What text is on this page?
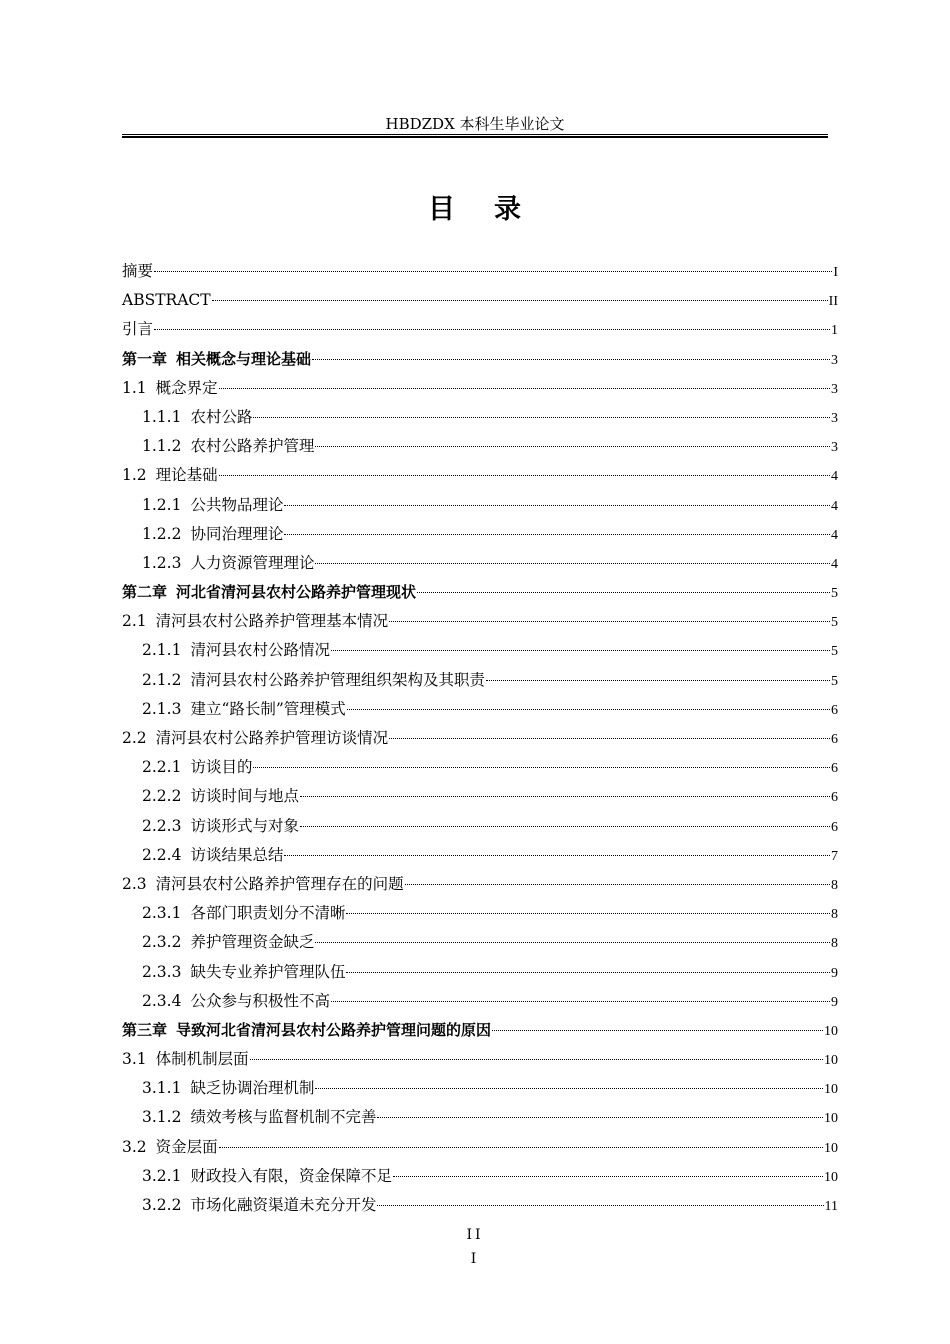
HBDZDX 本科生毕业论文
目 录
摘要	I
ABSTRACT	II
引言	1
第一章 相关概念与理论基础	3
1.1 概念界定	3
1.1.1 农村公路	3
1.1.2 农村公路养护管理	3
1.2 理论基础	4
1.2.1 公共物品理论	4
1.2.2 协同治理理论	4
1.2.3 人力资源管理理论	4
第二章 河北省清河县农村公路养护管理现状	5
2.1 清河县农村公路养护管理基本情况	5
2.1.1 清河县农村公路情况	5
2.1.2 清河县农村公路养护管理组织架构及其职责	5
2.1.3 建立“路长制”管理模式	6
2.2 清河县农村公路养护管理访谈情况	6
2.2.1 访谈目的	6
2.2.2 访谈时间与地点	6
2.2.3 访谈形式与对象	6
2.2.4 访谈结果总结	7
2.3 清河县农村公路养护管理存在的问题	8
2.3.1 各部门职责划分不清晰	8
2.3.2 养护管理资金缺乏	8
2.3.3 缺失专业养护管理队伍	9
2.3.4 公众参与积极性不高	9
第三章 导致河北省清河县农村公路养护管理问题的原因	10
3.1 体制机制层面	10
3.1.1 缺乏协调治理机制	10
3.1.2 绩效考核与监督机制不完善	10
3.2 资金层面	10
3.2.1 财政投入有限，资金保障不足	10
3.2.2 市场化融资渠道未充分开发	11
II
I
